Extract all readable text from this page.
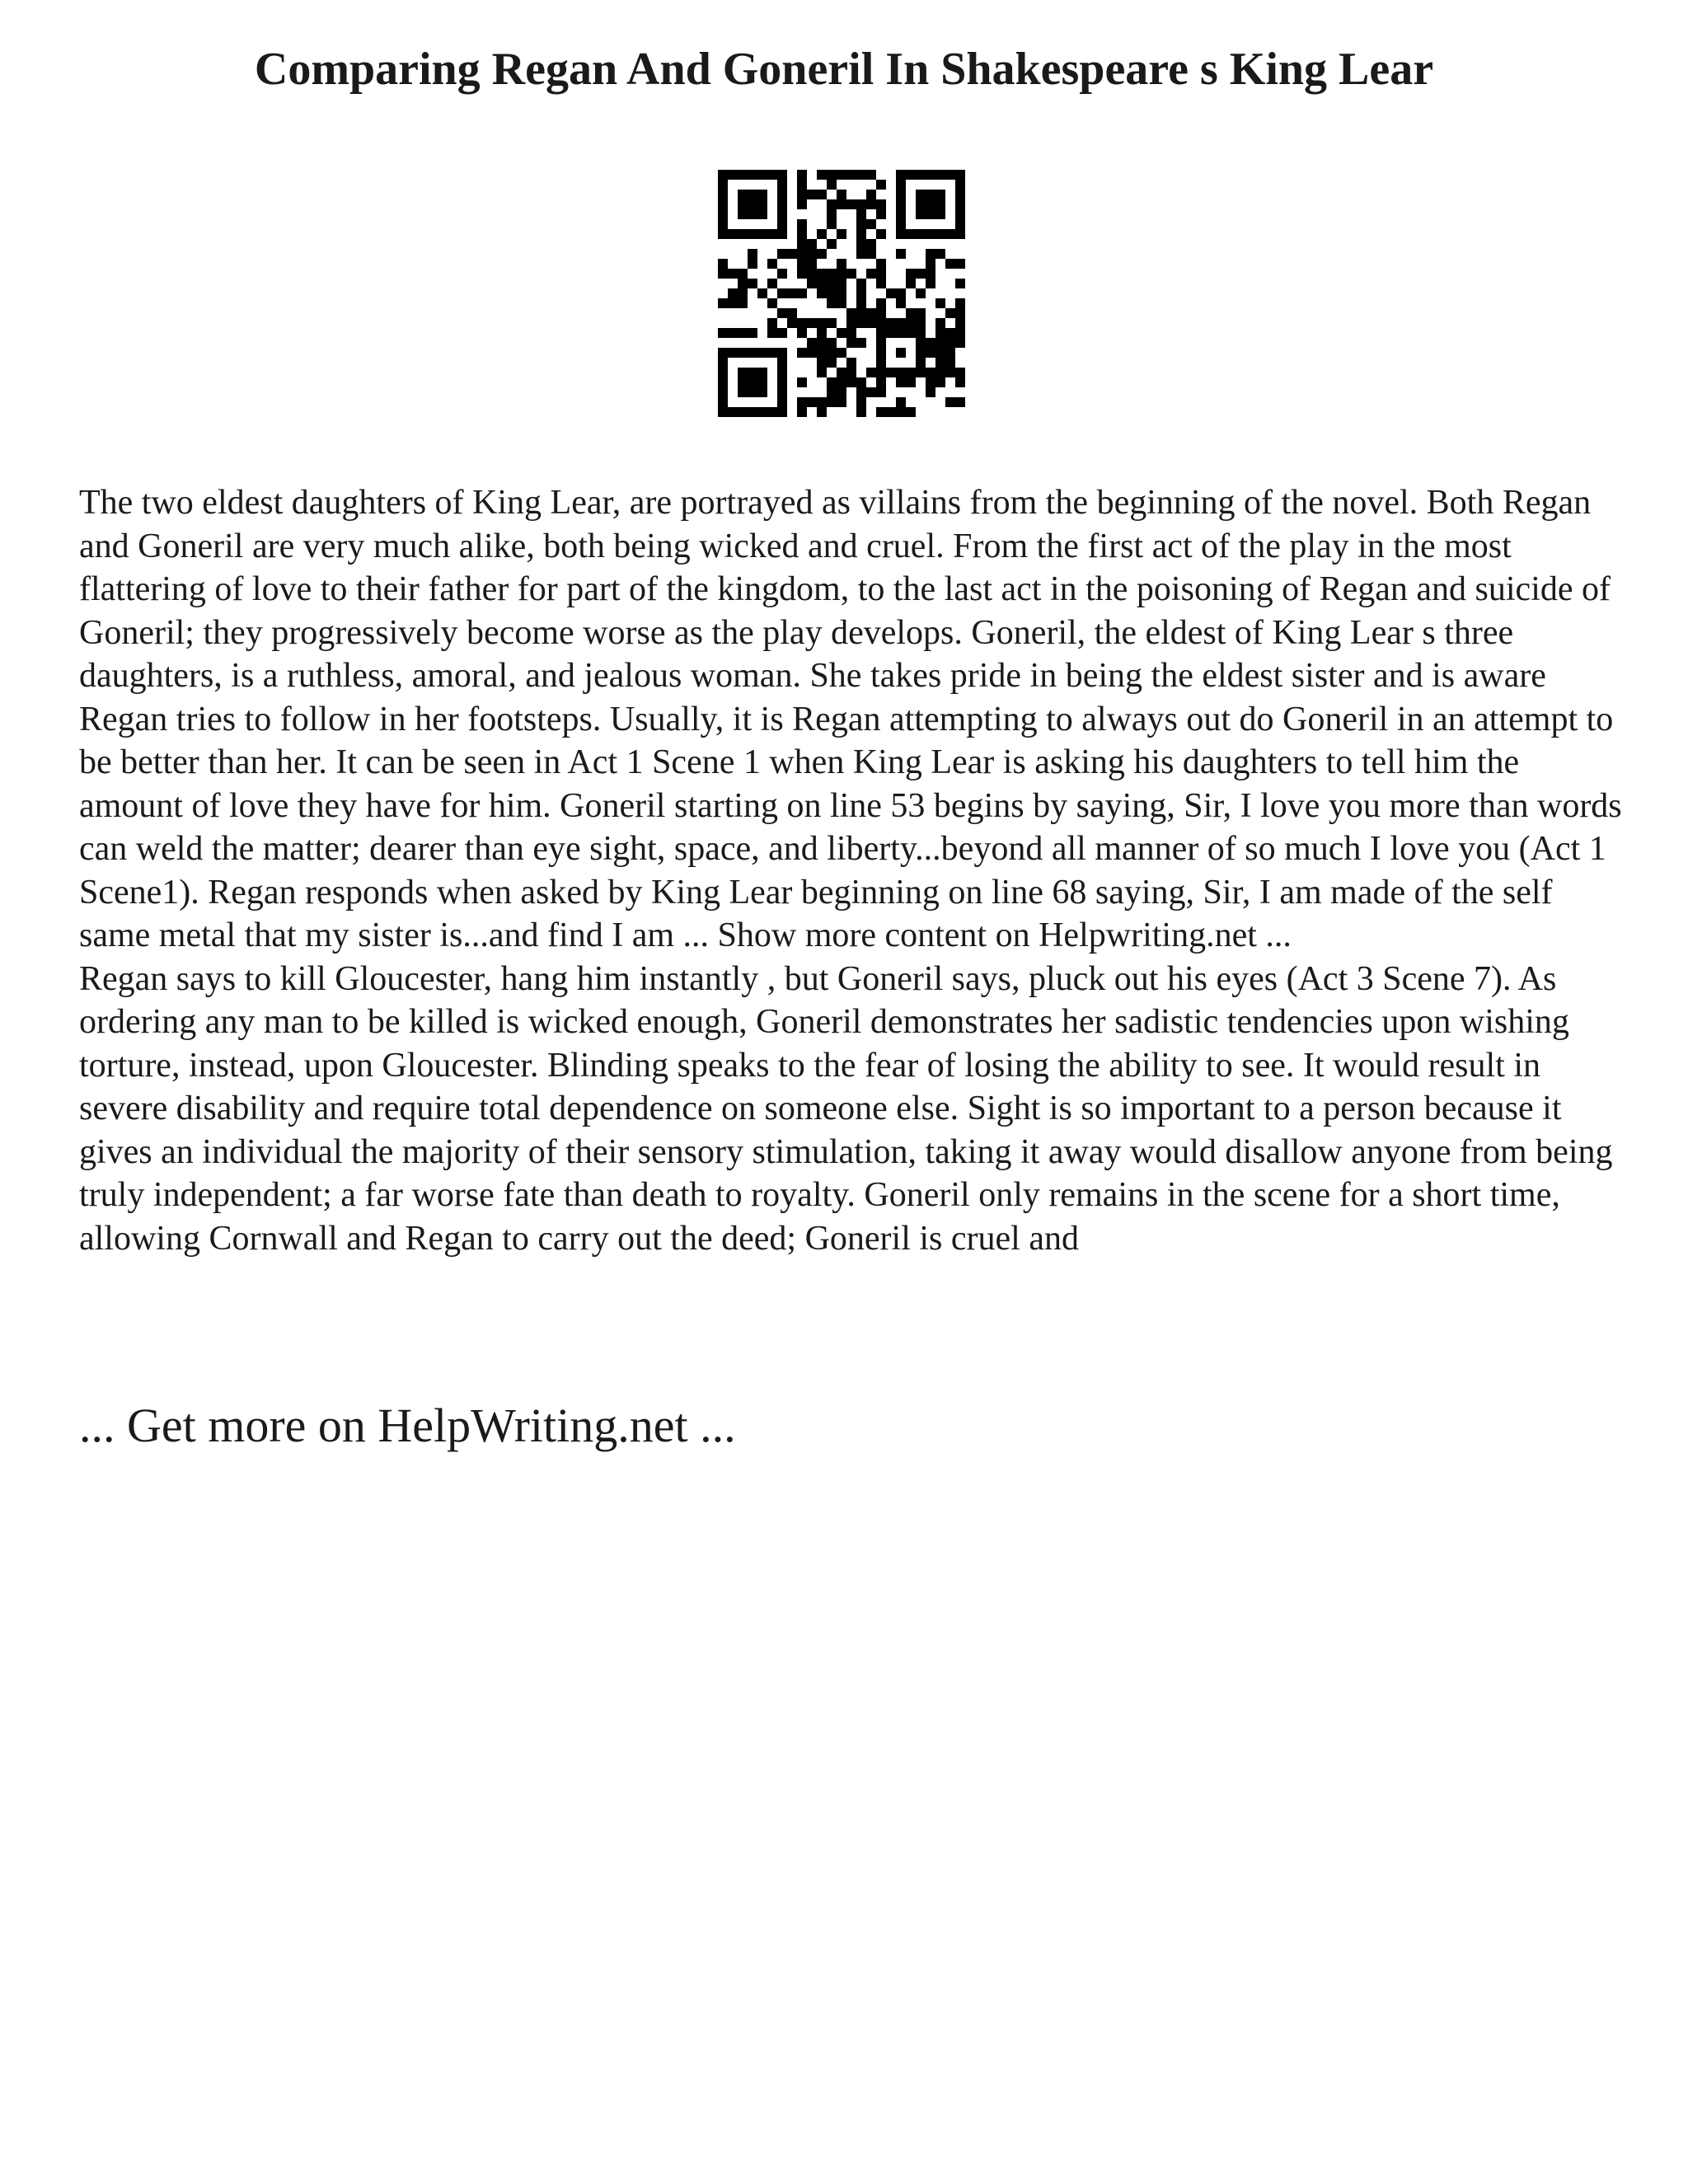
Comparing Regan And Goneril In Shakespeare s King Lear

The two eldest daughters of King Lear, are portrayed as villains from the beginning of the novel. Both Regan and Goneril are very much alike, both being wicked and cruel. From the first act of the play in the most flattering of love to their father for part of the kingdom, to the last act in the poisoning of Regan and suicide of Goneril; they progressively become worse as the play develops. Goneril, the eldest of King Lear s three daughters, is a ruthless, amoral, and jealous woman. She takes pride in being the eldest sister and is aware Regan tries to follow in her footsteps. Usually, it is Regan attempting to always out do Goneril in an attempt to be better than her. It can be seen in Act 1 Scene 1 when King Lear is asking his daughters to tell him the amount of love they have for him. Goneril starting on line 53 begins by saying, Sir, I love you more than words can weld the matter; dearer than eye sight, space, and liberty...beyond all manner of so much I love you (Act 1 Scene1). Regan responds when asked by King Lear beginning on line 68 saying, Sir, I am made of the self same metal that my sister is...and find I am ... Show more content on Helpwriting.net ...

Regan says to kill Gloucester, hang him instantly , but Goneril says, pluck out his eyes (Act 3 Scene 7). As ordering any man to be killed is wicked enough, Goneril demonstrates her sadistic tendencies upon wishing torture, instead, upon Gloucester. Blinding speaks to the fear of losing the ability to see. It would result in severe disability and require total dependence on someone else. Sight is so important to a person because it gives an individual the majority of their sensory stimulation, taking it away would disallow anyone from being truly independent; a far worse fate than death to royalty. Goneril only remains in the scene for a short time, allowing Cornwall and Regan to carry out the deed; Goneril is cruel and

... Get more on HelpWriting.net ...
